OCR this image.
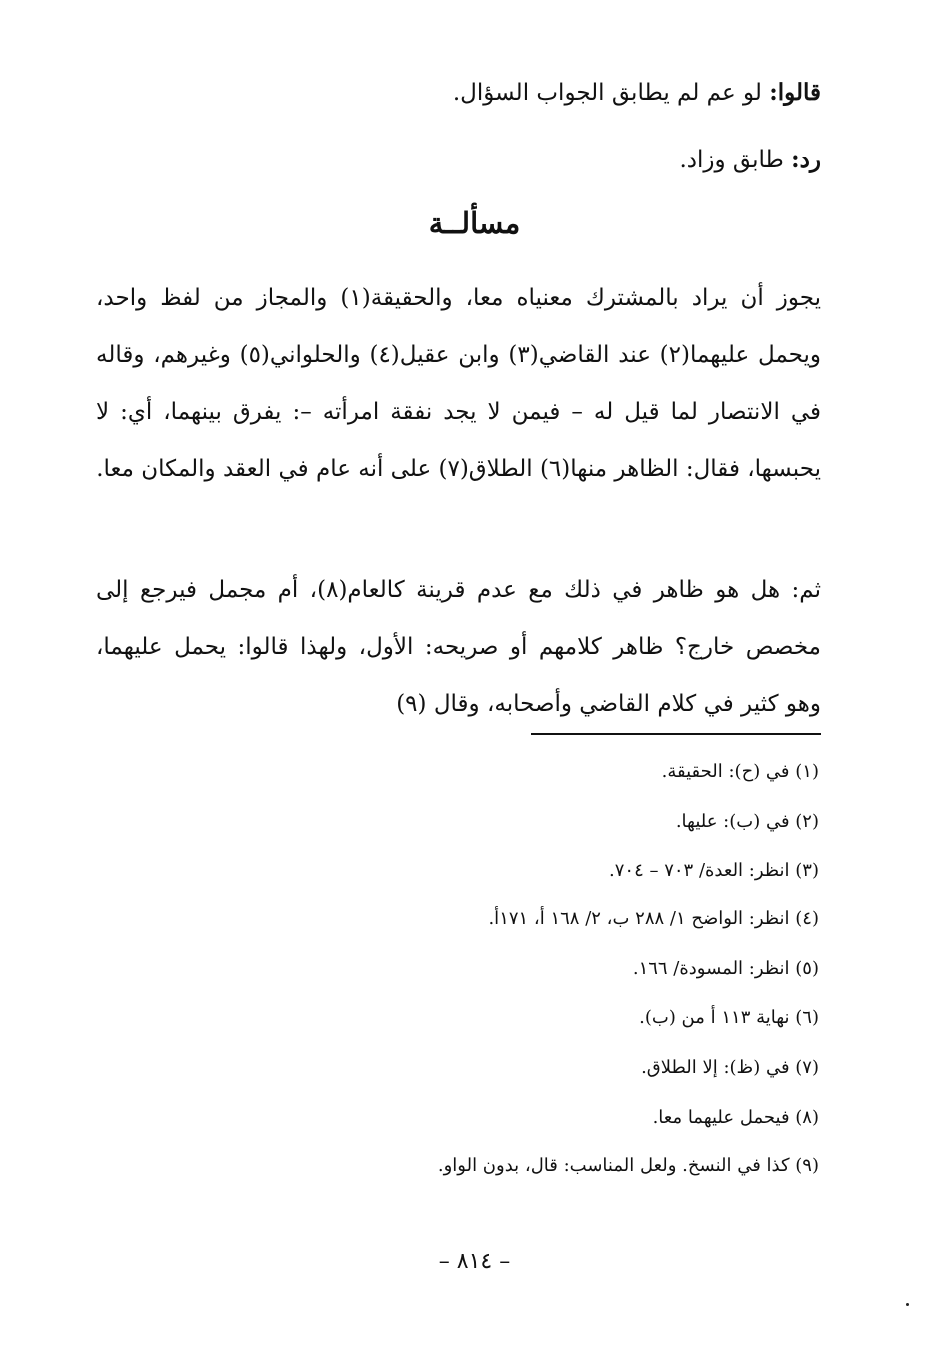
قالوا: لو عم لم يطابق الجواب السؤال.
رد: طابق وزاد.
مسألــة
يجوز أن يراد بالمشترك معنياه معا، والحقيقة(١) والمجاز من لفظ واحد، ويحمل عليهما(٢) عند القاضي(٣) وابن عقيل(٤) والحلواني(٥) وغيرهم، وقاله في الانتصار لما قيل له – فيمن لا يجد نفقة امرأته –: يفرق بينهما، أي: لا يحبسها، فقال: الظاهر منها(٦) الطلاق(٧) على أنه عام في العقد والمكان معا.
ثم: هل هو ظاهر في ذلك مع عدم قرينة كالعام(٨)، أم مجمل فيرجع إلى مخصص خارج؟ ظاهر كلامهم أو صريحه: الأول، ولهذا قالوا: يحمل عليهما، وهو كثير في كلام القاضي وأصحابه، وقال (٩)
(١) في (ح): الحقيقة.
(٢) في (ب): عليها.
(٣) انظر: العدة/ ٧٠٣ – ٧٠٤.
(٤) انظر: الواضح ١/ ٢٨٨ ب، ٢/ ١٦٨ أ، ١٧١أ.
(٥) انظر: المسودة/ ١٦٦.
(٦) نهاية ١١٣ أ من (ب).
(٧) في (ظ): إلا الطلاق.
(٨) فيحمل عليهما معا.
(٩) كذا في النسخ. ولعل المناسب: قال، بدون الواو.
– ٨١٤ –
